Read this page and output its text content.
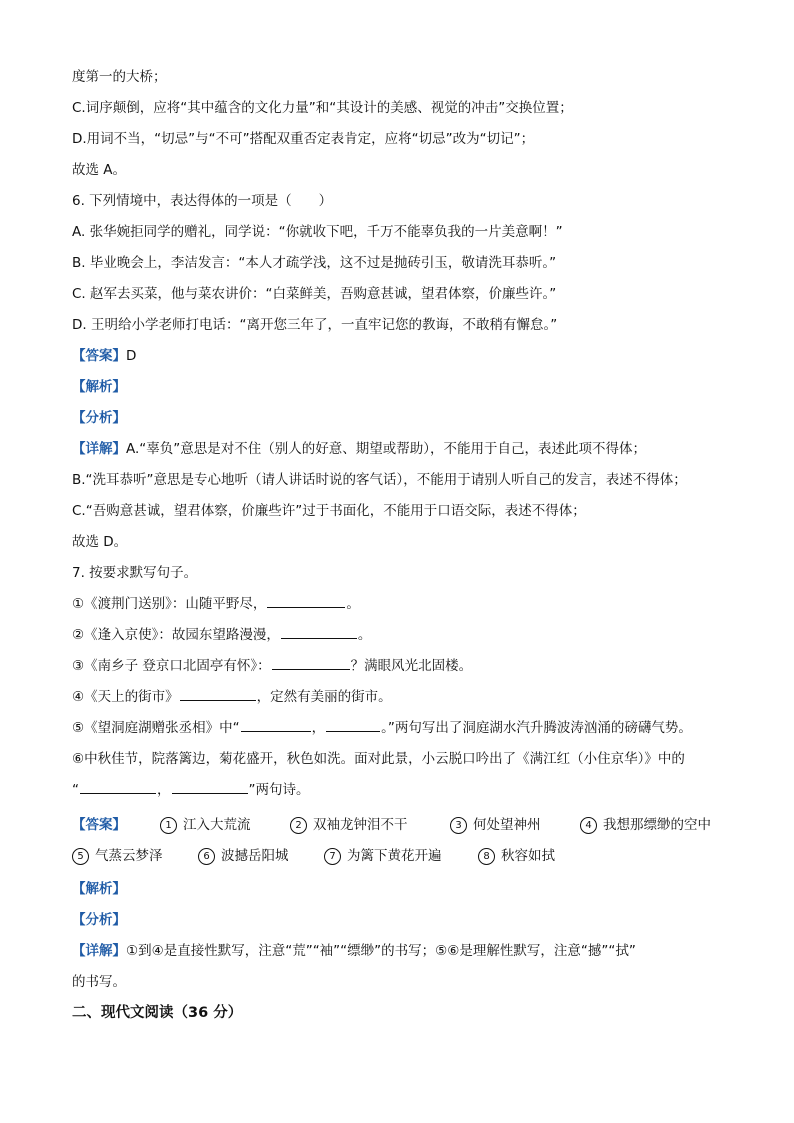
度第一的大桥；
C.词序颠倒，应将“其中蕴含的文化力量”和“其设计的美感、视觉的冲击”交换位置；
D.用词不当，“切忌”与“不可”搭配双重否定表肯定，应将“切忌”改为“切记”；
故选 A。
6. 下列情境中，表达得体的一项是（　　）
A. 张华婉拒同学的赠礼，同学说：“你就收下吧，千万不能辜负我的一片美意啊！”
B. 毕业晚会上，李洁发言：“本人才疏学浅，这不过是抛砖引玉，敬请洗耳恭听。”
C. 赵军去买菜，他与菜农讲价：“白菜鲜美，吾购意甚诚，望君体察，价廉些许。”
D. 王明给小学老师打电话：“离开您三年了，一直牢记您的教诲，不敢稍有懈怠。”
【答案】D
【解析】
【分析】
【详解】A.“辜负”意思是对不住（别人的好意、期望或帮助），不能用于自己，表述此项不得体；
B.“洗耳恭听”意思是专心地听（请人讲话时说的客气话），不能用于请别人听自己的发言，表述不得体；
C.“吾购意甚诚，望君体察，价廉些许”过于书面化，不能用于口语交际，表述不得体；
故选 D。
7. 按要求默写句子。
①《渡荆门送别》：山随平野尽，	。
②《逢入京使》：故园东望路漫漫，	。
③《南乡子 登京口北固亭有怀》：	？满眼风光北固楼。
④《天上的街市》	，定然有美丽的街市。
⑤《望洞庭湖赠张丞相》中“	，	。”两句写出了洞庭湖水汽升腾波涛汹涌的磅礴气势。
⑥中秋佳节，院落篱边，菊花盛开，秋色如洗。面对此景，小云脱口吟出了《满江红（小住京华）》中的
“	，	”两句诗。
【答案】	1 江入大荒流	2 双袖龙钟泪不干	3 何处望神州	4 我想那缥缈的空中
5 气蒸云梦泽	6 波撼岳阳城	7 为篱下黄花开遍	8 秋容如拭
【解析】
【分析】
【详解】①到④是直接性默写，注意“荒”“袖”“缥缈”的书写；⑤⑥是理解性默写，注意“撼”“拭”
的书写。
二、现代文阅读（36 分）
